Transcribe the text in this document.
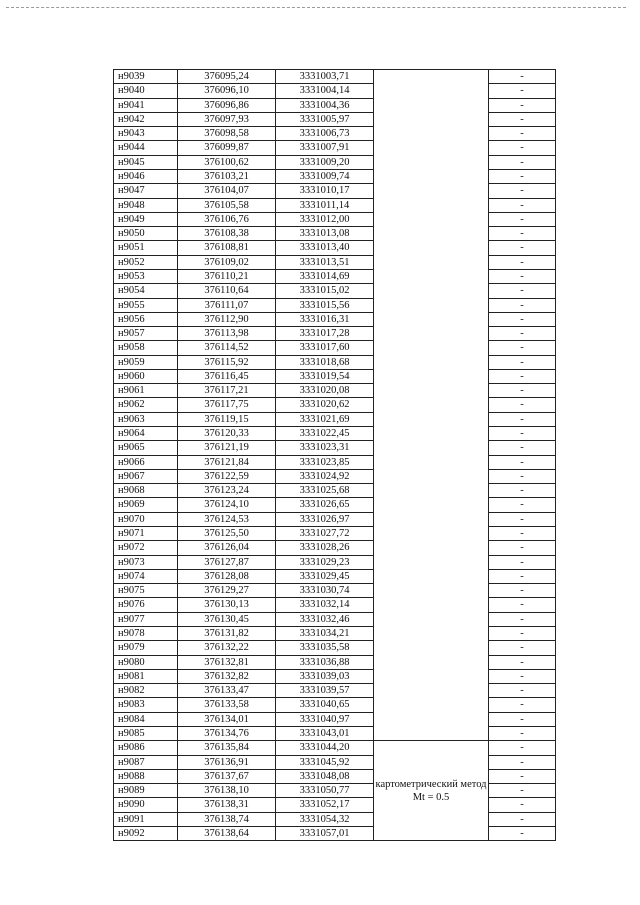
н9039	376095,24	3331003,71		-
н9040	376096,10	3331004,14		-
н9041	376096,86	3331004,36		-
н9042	376097,93	3331005,97		-
н9043	376098,58	3331006,73		-
н9044	376099,87	3331007,91		-
н9045	376100,62	3331009,20		-
н9046	376103,21	3331009,74		-
н9047	376104,07	3331010,17		-
н9048	376105,58	3331011,14		-
н9049	376106,76	3331012,00		-
н9050	376108,38	3331013,08		-
н9051	376108,81	3331013,40		-
н9052	376109,02	3331013,51		-
н9053	376110,21	3331014,69		-
н9054	376110,64	3331015,02		-
н9055	376111,07	3331015,56		-
н9056	376112,90	3331016,31		-
н9057	376113,98	3331017,28		-
н9058	376114,52	3331017,60		-
н9059	376115,92	3331018,68		-
н9060	376116,45	3331019,54		-
н9061	376117,21	3331020,08		-
н9062	376117,75	3331020,62		-
н9063	376119,15	3331021,69		-
н9064	376120,33	3331022,45		-
н9065	376121,19	3331023,31		-
н9066	376121,84	3331023,85		-
н9067	376122,59	3331024,92		-
н9068	376123,24	3331025,68		-
н9069	376124,10	3331026,65		-
н9070	376124,53	3331026,97		-
н9071	376125,50	3331027,72		-
н9072	376126,04	3331028,26		-
н9073	376127,87	3331029,23		-
н9074	376128,08	3331029,45		-
н9075	376129,27	3331030,74		-
н9076	376130,13	3331032,14		-
н9077	376130,45	3331032,46		-
н9078	376131,82	3331034,21		-
н9079	376132,22	3331035,58		-
н9080	376132,81	3331036,88		-
н9081	376132,82	3331039,03		-
н9082	376133,47	3331039,57		-
н9083	376133,58	3331040,65		-
н9084	376134,01	3331040,97		-
н9085	376134,76	3331043,01		-
н9086	376135,84	3331044,20	картометрический метод Mt = 0.5	-
н9087	376136,91	3331045,92		-
н9088	376137,67	3331048,08		-
н9089	376138,10	3331050,77		-
н9090	376138,31	3331052,17		-
н9091	376138,74	3331054,32		-
н9092	376138,64	3331057,01		-
